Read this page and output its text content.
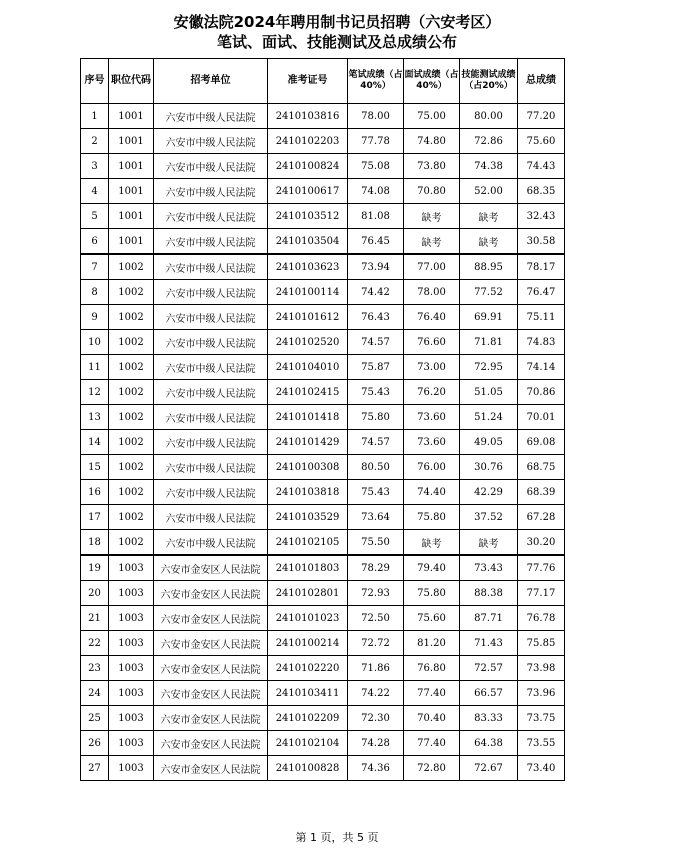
安徽法院2024年聘用制书记员招聘（六安考区）
笔试、面试、技能测试及总成绩公布
序号	职位代码	招考单位	准考证号	笔试成绩（占40%）	面试成绩（占40%）	技能测试成绩（占20%）	总成绩
1	1001	六安市中级人民法院	2410103816	78.00	75.00	80.00	77.20
2	1001	六安市中级人民法院	2410102203	77.78	74.80	72.86	75.60
3	1001	六安市中级人民法院	2410100824	75.08	73.80	74.38	74.43
4	1001	六安市中级人民法院	2410100617	74.08	70.80	52.00	68.35
5	1001	六安市中级人民法院	2410103512	81.08	缺考	缺考	32.43
6	1001	六安市中级人民法院	2410103504	76.45	缺考	缺考	30.58
7	1002	六安市中级人民法院	2410103623	73.94	77.00	88.95	78.17
8	1002	六安市中级人民法院	2410100114	74.42	78.00	77.52	76.47
9	1002	六安市中级人民法院	2410101612	76.43	76.40	69.91	75.11
10	1002	六安市中级人民法院	2410102520	74.57	76.60	71.81	74.83
11	1002	六安市中级人民法院	2410104010	75.87	73.00	72.95	74.14
12	1002	六安市中级人民法院	2410102415	75.43	76.20	51.05	70.86
13	1002	六安市中级人民法院	2410101418	75.80	73.60	51.24	70.01
14	1002	六安市中级人民法院	2410101429	74.57	73.60	49.05	69.08
15	1002	六安市中级人民法院	2410100308	80.50	76.00	30.76	68.75
16	1002	六安市中级人民法院	2410103818	75.43	74.40	42.29	68.39
17	1002	六安市中级人民法院	2410103529	73.64	75.80	37.52	67.28
18	1002	六安市中级人民法院	2410102105	75.50	缺考	缺考	30.20
19	1003	六安市金安区人民法院	2410101803	78.29	79.40	73.43	77.76
20	1003	六安市金安区人民法院	2410102801	72.93	75.80	88.38	77.17
21	1003	六安市金安区人民法院	2410101023	72.50	75.60	87.71	76.78
22	1003	六安市金安区人民法院	2410100214	72.72	81.20	71.43	75.85
23	1003	六安市金安区人民法院	2410102220	71.86	76.80	72.57	73.98
24	1003	六安市金安区人民法院	2410103411	74.22	77.40	66.57	73.96
25	1003	六安市金安区人民法院	2410102209	72.30	70.40	83.33	73.75
26	1003	六安市金安区人民法院	2410102104	74.28	77.40	64.38	73.55
27	1003	六安市金安区人民法院	2410100828	74.36	72.80	72.67	73.40
第 1 页，共 5 页
